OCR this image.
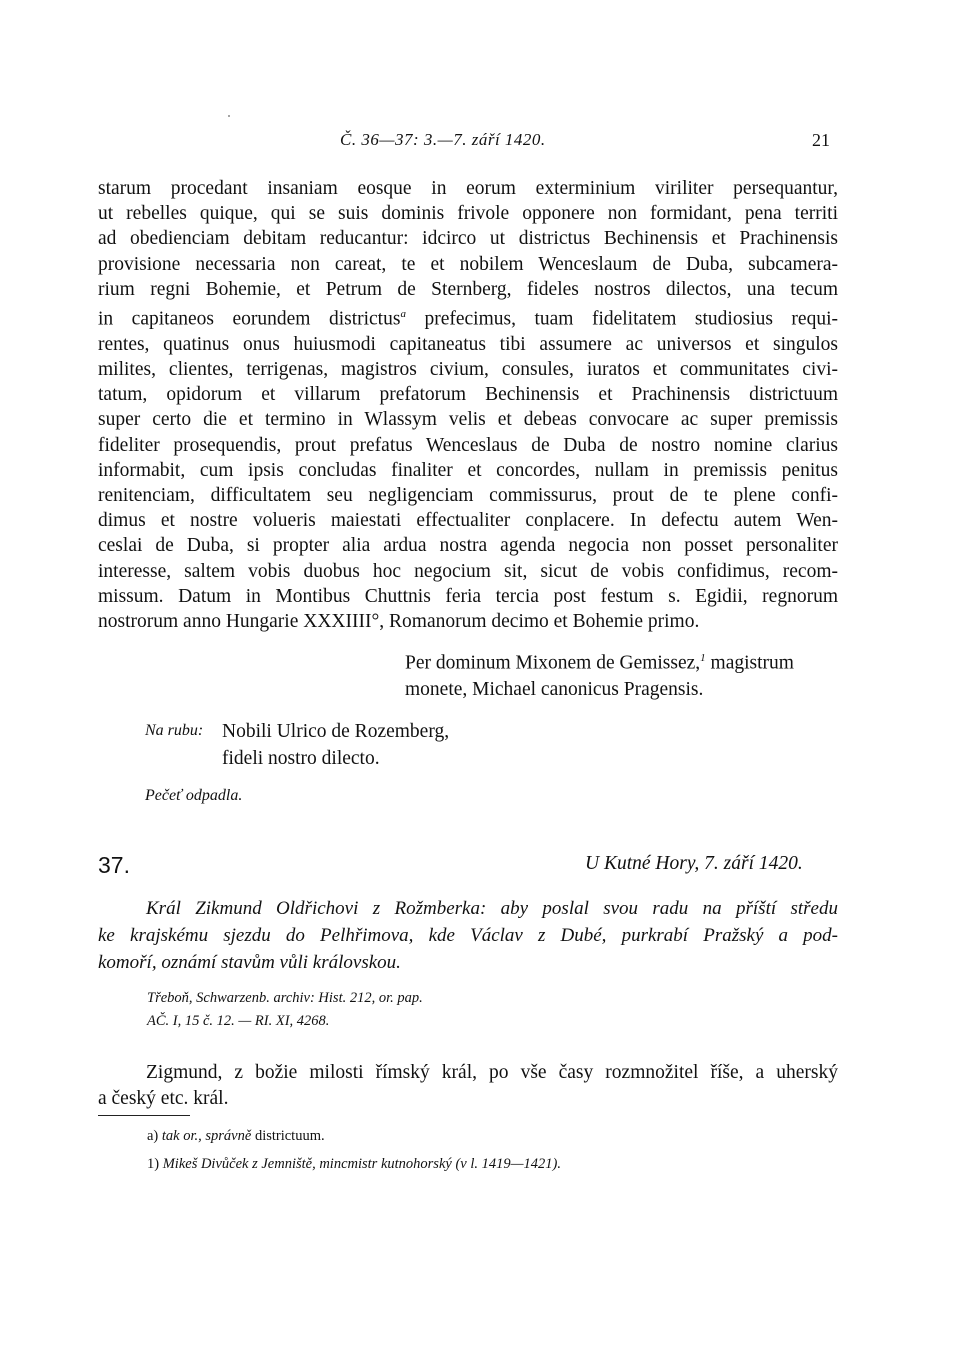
Č. 36—37: 3.—7. září 1420.	21
starum procedant insaniam eosque in eorum exterminium viriliter persequantur,
ut rebelles quique, qui se suis dominis frivole opponere non formidant, pena territi
ad obedienciam debitam reducantur: idcirco ut districtus Bechinensis et Prachinensis
provisione necessaria non careat, te et nobilem Wenceslaum de Duba, subcamera-
rium regni Bohemie, et Petrum de Sternberg, fideles nostros dilectos, una tecum
in capitaneos eorundem districtus$^a$ prefecimus, tuam fidelitatem studiosius requi-
rentes, quatinus onus huiusmodi capitaneatus tibi assumere ac universos et singulos
milites, clientes, terrigenas, magistros civium, consules, iuratos et communitates civi-
tatum, opidorum et villarum prefatorum Bechinensis et Prachinensis districtuum
super certo die et termino in Wlassym velis et debeas convocare ac super premissis
fideliter prosequendis, prout prefatus Wenceslaus de Duba de nostro nomine clarius
informabit, cum ipsis concludas finaliter et concordes, nullam in premissis penitus
renitenciam, difficultatem seu negligenciam commissurus, prout de te plene confi-
dimus et nostre volueris maiestati effectualiter conplacere. In defectu autem Wen-
ceslai de Duba, si propter alia ardua nostra agenda negocia non posset personaliter
interesse, saltem vobis duobus hoc negocium sit, sicut de vobis confidimus, recom-
missum. Datum in Montibus Chuttnis feria tercia post festum s. Egidii, regnorum
nostrorum anno Hungarie XXXIIII°, Romanorum decimo et Bohemie primo.
Per dominum Mixonem de Gemissez,$^1$ magistrum
monete, Michael canonicus Pragensis.
Na rubu: Nobili Ulrico de Rozemberg,
fideli nostro dilecto.
Pečeť odpadla.
37.	U Kutné Hory, 7. září 1420.
Král Zikmund Oldřichovi z Rožmberka: aby poslal svou radu na příští středu
ke krajskému sjezdu do Pelhřimova, kde Václav z Dubé, purkrabí Pražský a pod-
komoří, oznámí stavům vůli královskou.
Třeboň, Schwarzenb. archiv: Hist. 212, or. pap.
AČ. I, 15 č. 12. — RI. XI, 4268.
Zigmund, z božie milosti římský král, po vše časy rozmnožitel říše, a uherský
a český etc. král.
a) tak or., správně districtuum.
1) Mikeš Divůček z Jemniště, mincmistr kutnohorský (v l. 1419—1421).
